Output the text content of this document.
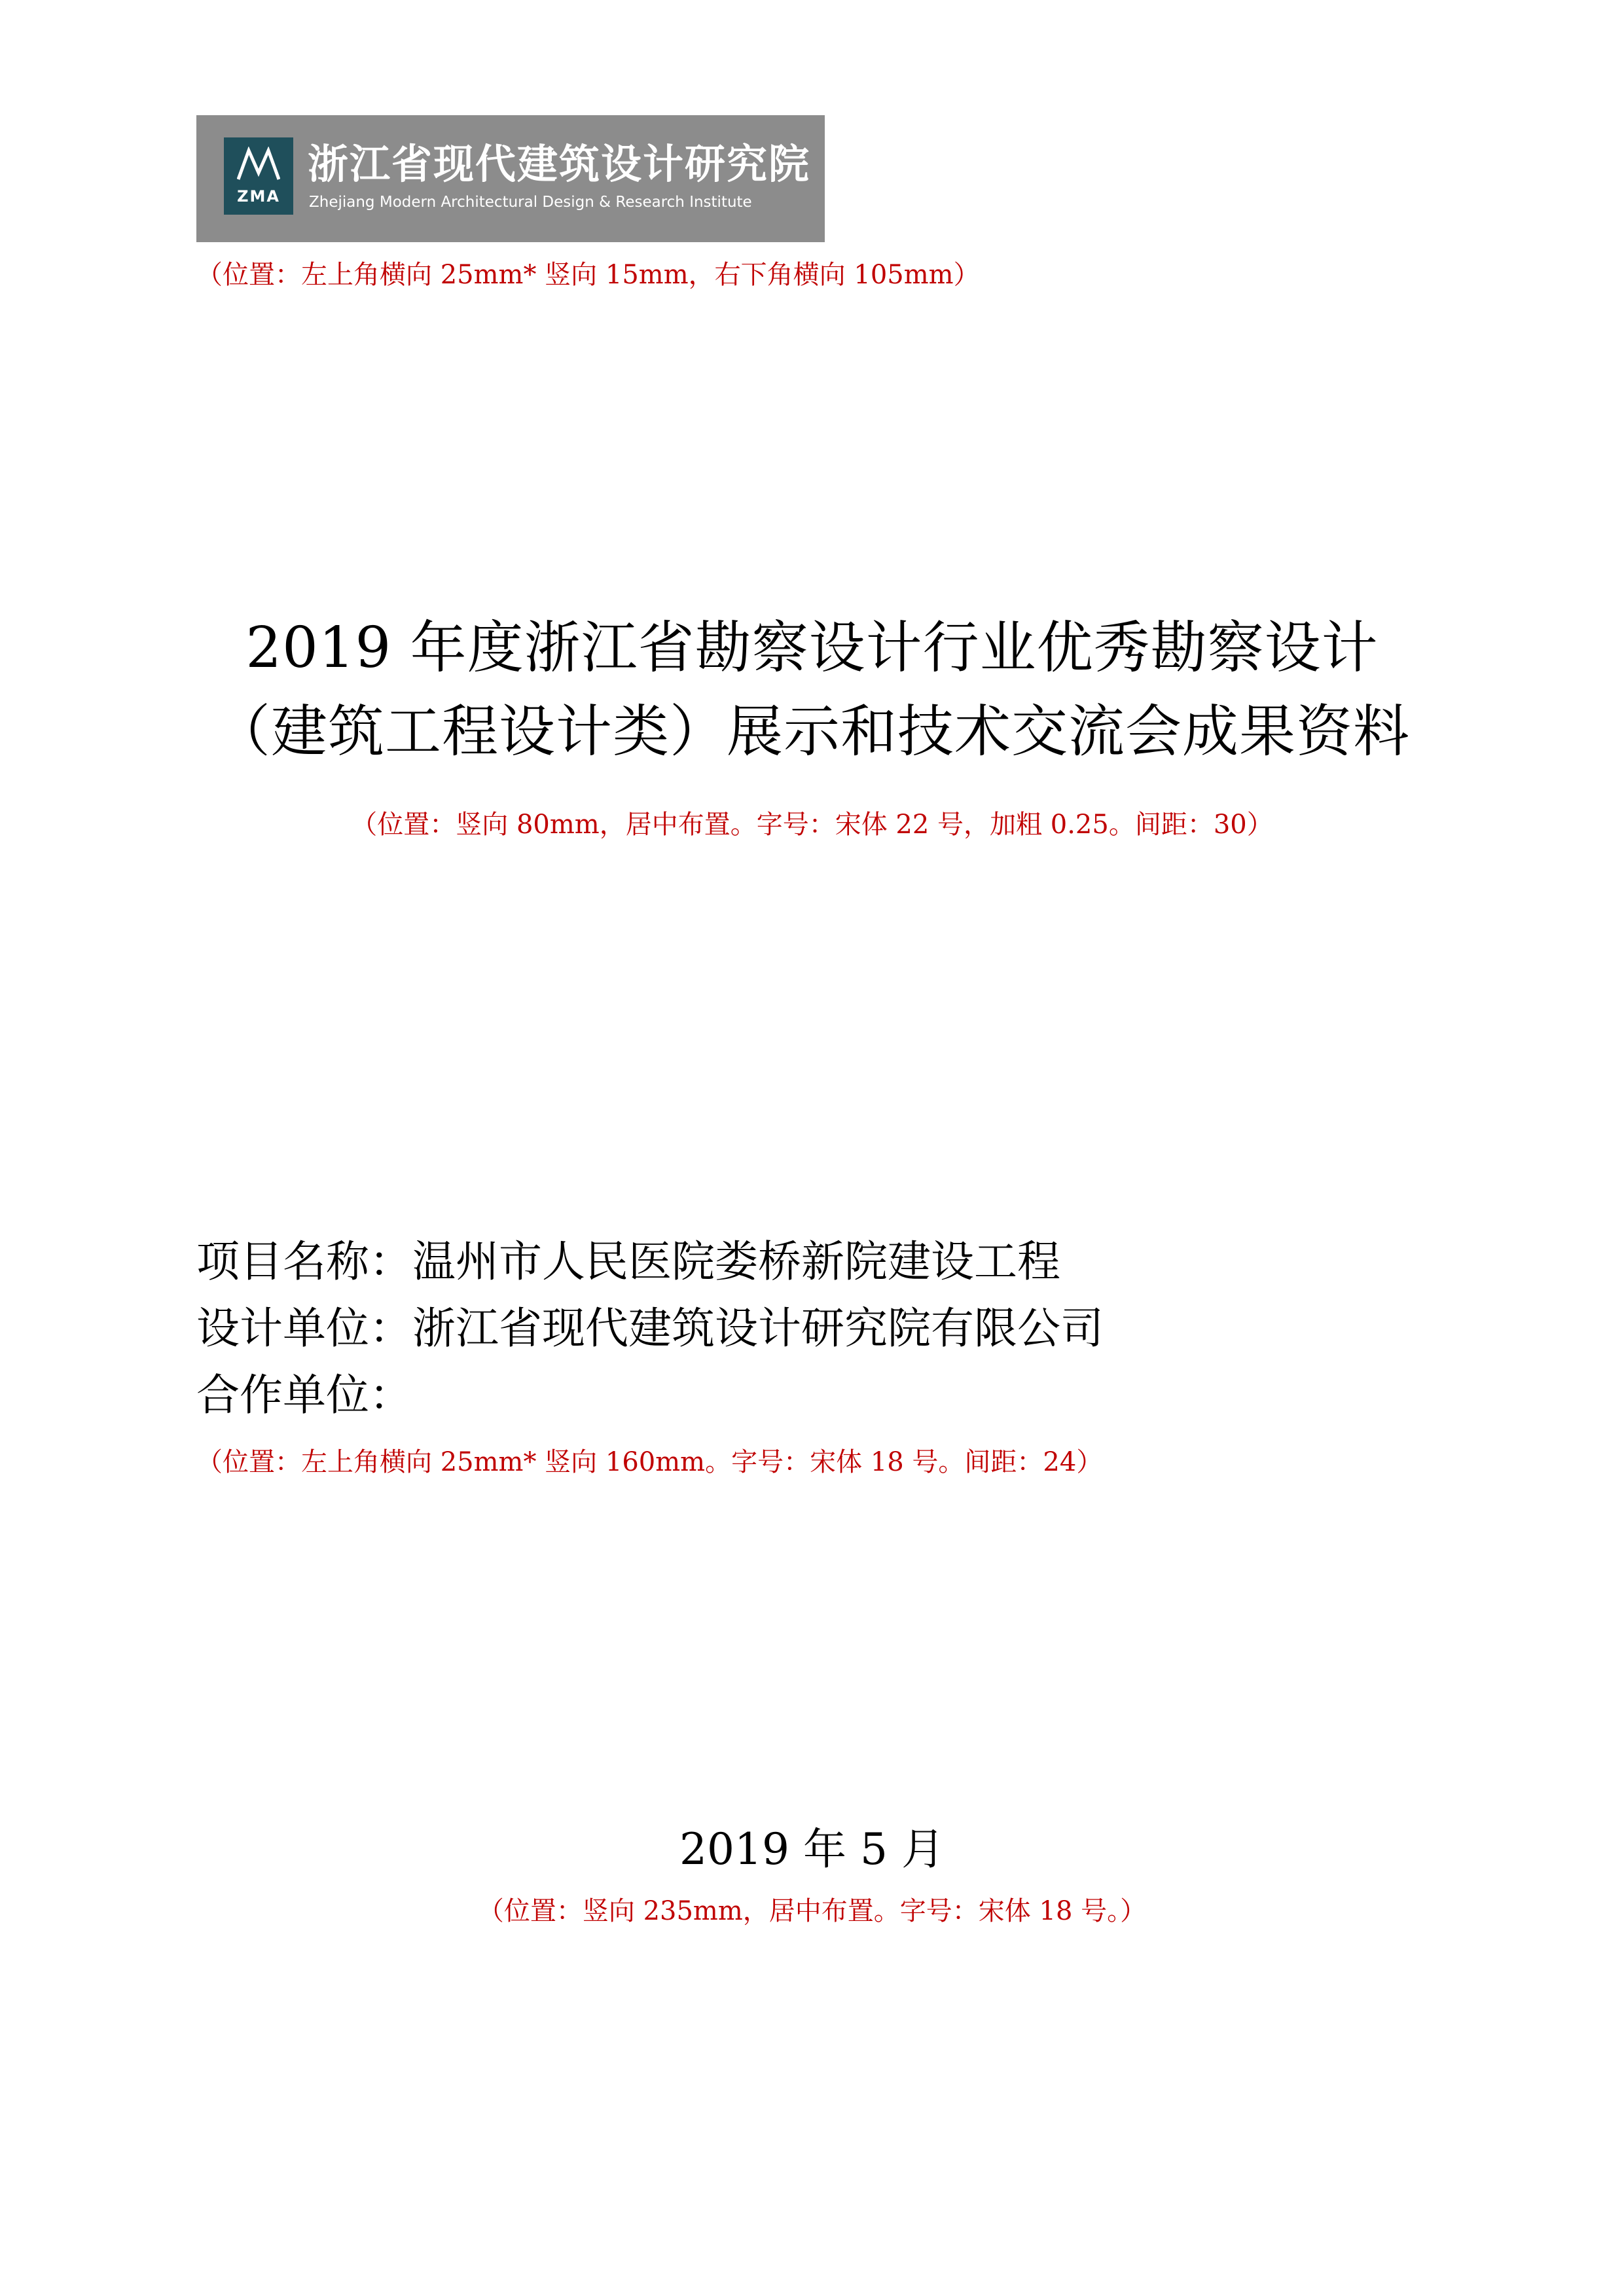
ZMA
浙江省现代建筑设计研究院
Zhejiang Modern Architectural Design & Research Institute
（位置：左上角横向 25mm* 竖向 15mm，右下角横向 105mm）
2019 年度浙江省勘察设计行业优秀勘察设计
（建筑工程设计类）展示和技术交流会成果资料
（位置：竖向 80mm，居中布置。字号：宋体 22 号，加粗 0.25。间距：30）
项目名称：温州市人民医院娄桥新院建设工程
设计单位：浙江省现代建筑设计研究院有限公司
合作单位：
（位置：左上角横向 25mm* 竖向 160mm。字号：宋体 18 号。间距：24）
2019 年 5 月
（位置：竖向 235mm，居中布置。字号：宋体 18 号。）
